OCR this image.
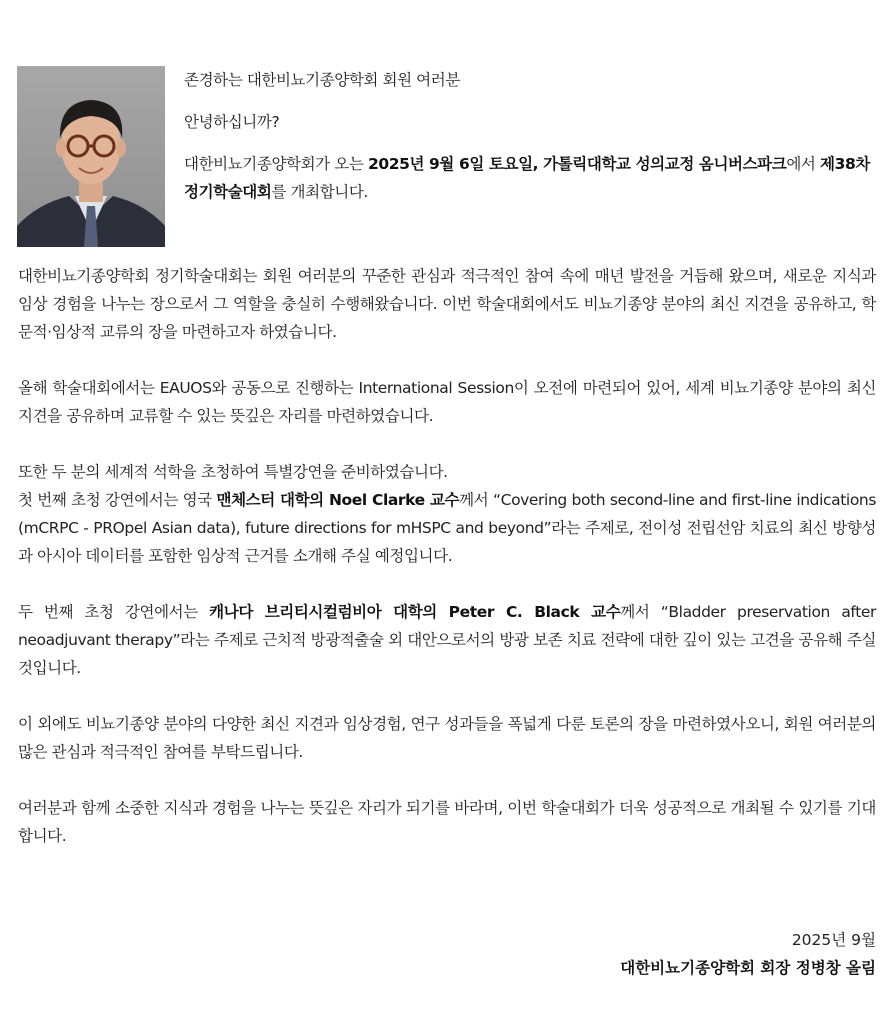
존경하는 대한비뇨기종양학회 회원 여러분

안녕하십니까?

대한비뇨기종양학회가 오는 2025년 9월 6일 토요일, 가톨릭대학교 성의교정 옴니버스파크에서 제38차 정기학술대회를 개최합니다.

대한비뇨기종양학회 정기학술대회는 회원 여러분의 꾸준한 관심과 적극적인 참여 속에 매년 발전을 거듭해 왔으며, 새로운 지식과 임상 경험을 나누는 장으로서 그 역할을 충실히 수행해왔습니다. 이번 학술대회에서도 비뇨기종양 분야의 최신 지견을 공유하고, 학문적·임상적 교류의 장을 마련하고자 하였습니다.

올해 학술대회에서는 EAUOS와 공동으로 진행하는 International Session이 오전에 마련되어 있어, 세계 비뇨기종양 분야의 최신 지견을 공유하며 교류할 수 있는 뜻깊은 자리를 마련하였습니다.

또한 두 분의 세계적 석학을 초청하여 특별강연을 준비하였습니다.

첫 번째 초청 강연에서는 영국 맨체스터 대학의 Noel Clarke 교수께서 “Covering both second-line and first-line indications (mCRPC - PROpel Asian data), future directions for mHSPC and beyond”라는 주제로, 전이성 전립선암 치료의 최신 방향성과 아시아 데이터를 포함한 임상적 근거를 소개해 주실 예정입니다.

두 번째 초청 강연에서는 캐나다 브리티시컬럼비아 대학의 Peter C. Black 교수께서 “Bladder preservation after neoadjuvant therapy”라는 주제로 근치적 방광적출술 외 대안으로서의 방광 보존 치료 전략에 대한 깊이 있는 고견을 공유해 주실 것입니다.

이 외에도 비뇨기종양 분야의 다양한 최신 지견과 임상경험, 연구 성과들을 폭넓게 다룬 토론의 장을 마련하였사오니, 회원 여러분의 많은 관심과 적극적인 참여를 부탁드립니다.

여러분과 함께 소중한 지식과 경험을 나누는 뜻깊은 자리가 되기를 바라며, 이번 학술대회가 더욱 성공적으로 개최될 수 있기를 기대합니다.

2025년 9월
대한비뇨기종양학회 회장 정병창 올림
